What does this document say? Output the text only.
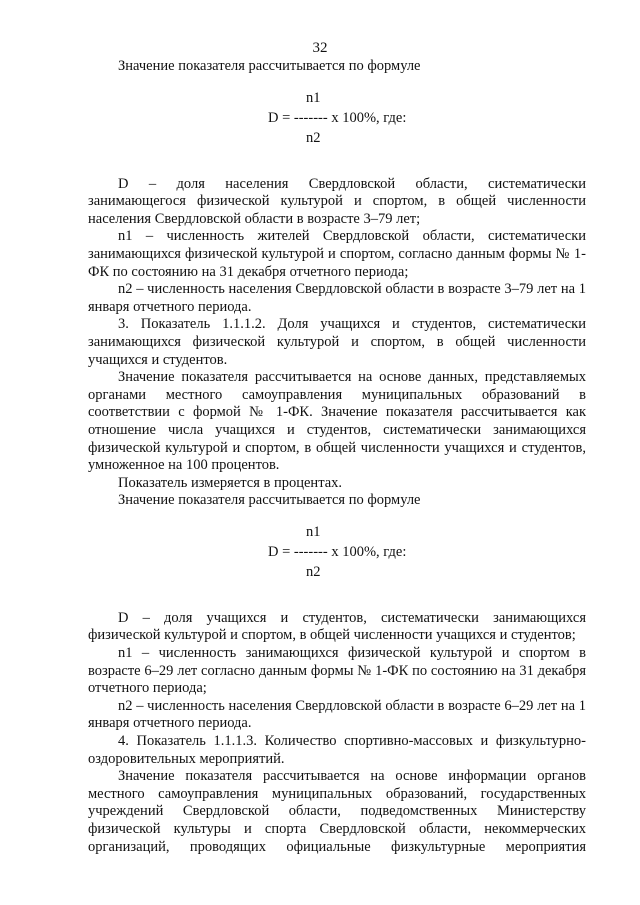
32

Значение показателя рассчитывается по формуле

n1
D = ------- x 100%, где:
n2

D – доля населения Свердловской области, систематически занимающегося физической культурой и спортом, в общей численности населения Свердловской области в возрасте 3–79 лет;

n1 – численность жителей Свердловской области, систематически занимающихся физической культурой и спортом, согласно данным формы № 1-ФК по состоянию на 31 декабря отчетного периода;

n2 – численность населения Свердловской области в возрасте 3–79 лет на 1 января отчетного периода.

3. Показатель 1.1.1.2. Доля учащихся и студентов, систематически занимающихся физической культурой и спортом, в общей численности учащихся и студентов.

Значение показателя рассчитывается на основе данных, представляемых органами местного самоуправления муниципальных образований в соответствии с формой № 1-ФК. Значение показателя рассчитывается как отношение числа учащихся и студентов, систематически занимающихся физической культурой и спортом, в общей численности учащихся и студентов, умноженное на 100 процентов.

Показатель измеряется в процентах.

Значение показателя рассчитывается по формуле

n1
D = ------- x 100%, где:
n2

D – доля учащихся и студентов, систематически занимающихся физической культурой и спортом, в общей численности учащихся и студентов;

n1 – численность занимающихся физической культурой и спортом в возрасте 6–29 лет согласно данным формы № 1-ФК по состоянию на 31 декабря отчетного периода;

n2 – численность населения Свердловской области в возрасте 6–29 лет на 1 января отчетного периода.

4. Показатель 1.1.1.3. Количество спортивно-массовых и физкультурно-оздоровительных мероприятий.

Значение показателя рассчитывается на основе информации органов местного самоуправления муниципальных образований, государственных учреждений Свердловской области, подведомственных Министерству физической культуры и спорта Свердловской области, некоммерческих организаций, проводящих официальные физкультурные мероприятия
